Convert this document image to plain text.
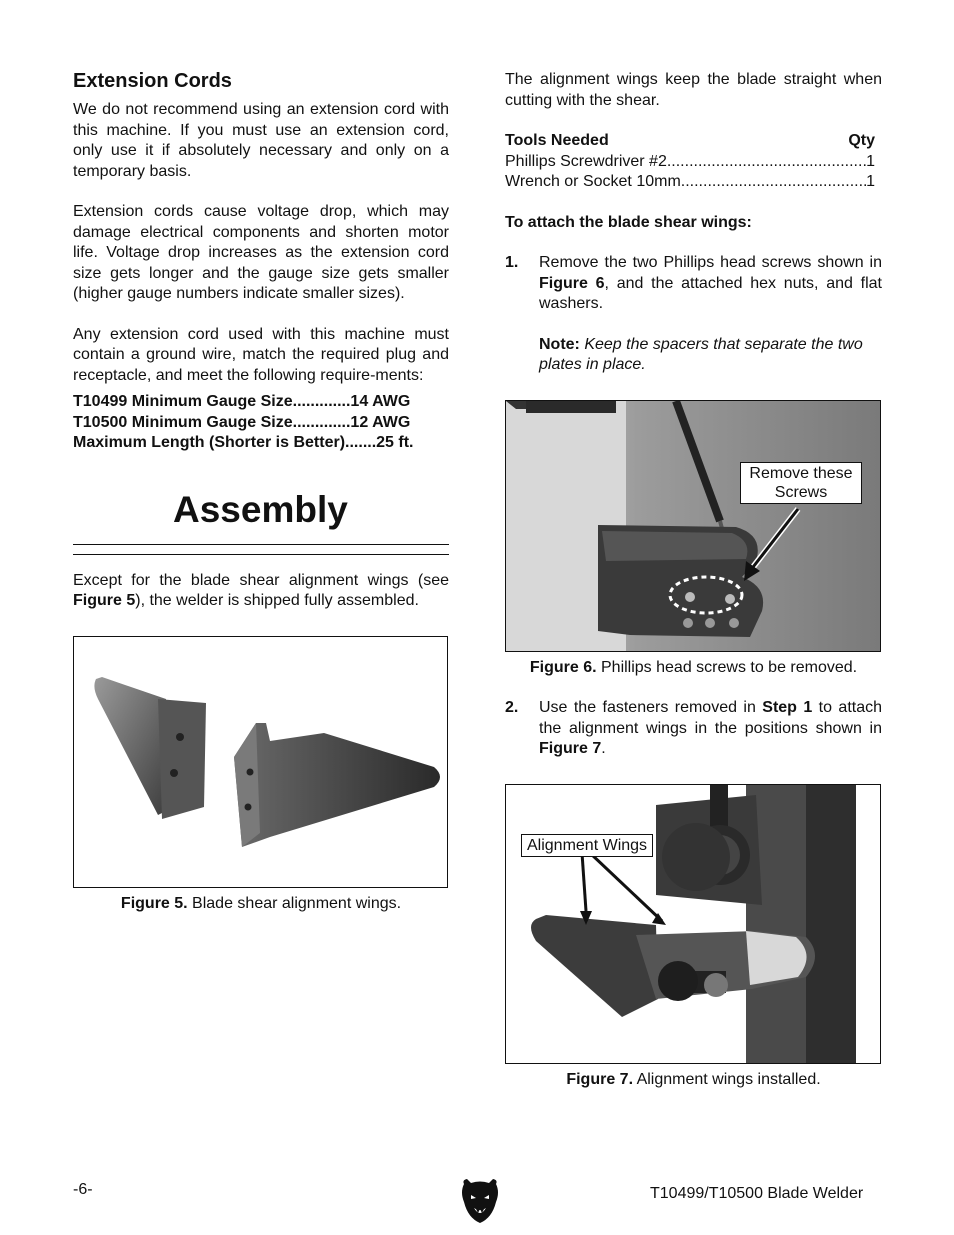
Extension Cords

We do not recommend using an extension cord with this machine. If you must use an extension cord, only use it if absolutely necessary and only on a temporary basis.

Extension cords cause voltage drop, which may damage electrical components and shorten motor life. Voltage drop increases as the extension cord size gets longer and the gauge size gets smaller (higher gauge numbers indicate smaller sizes).

Any extension cord used with this machine must contain a ground wire, match the required plug and receptacle, and meet the following require-ments:

T10499 Minimum Gauge Size.............14 AWG
T10500 Minimum Gauge Size.............12 AWG
Maximum Length (Shorter is Better).......25 ft.
Assembly

Except for the blade shear alignment wings (see Figure 5), the welder is shipped fully assembled.

Figure 5. Blade shear alignment wings.

The alignment wings keep the blade straight when cutting with the shear.

Tools Needed	Qty
Phillips Screwdriver #2 .....	1
Wrench or Socket 10mm .....	1
To attach the blade shear wings:
1.	Remove the two Phillips head screws shown in Figure 6, and the attached hex nuts, and flat washers.
Note: Keep the spacers that separate the two plates in place.
Remove these Screws
Figure 6. Phillips head screws to be removed.
2.	Use the fasteners removed in Step 1 to attach the alignment wings in the positions shown in Figure 7.
Alignment Wings
Figure 7. Alignment wings installed.
-6-	T10499/T10500 Blade Welder
